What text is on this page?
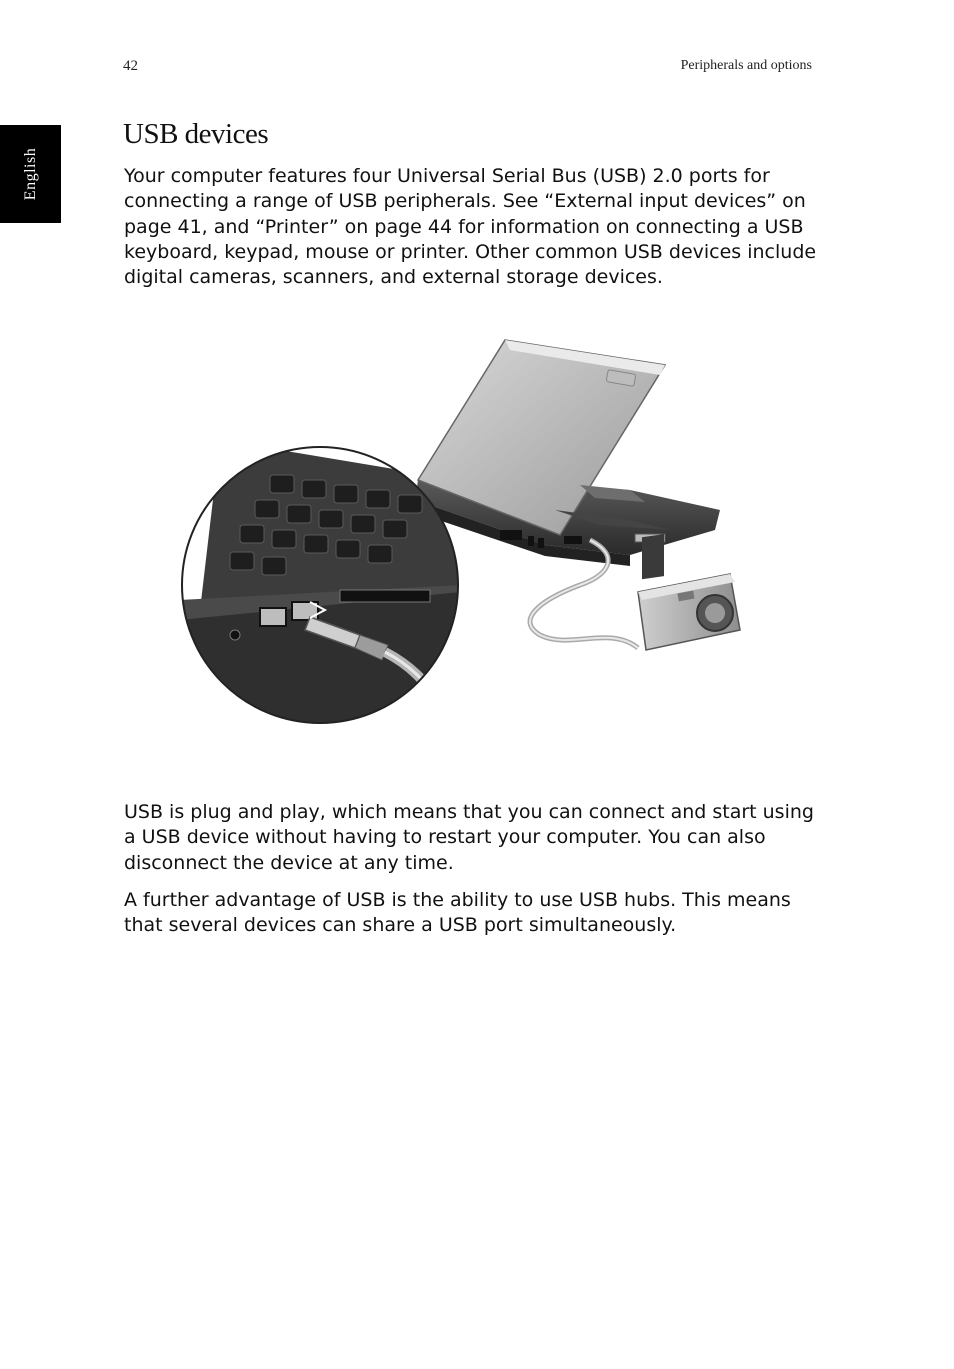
42	Peripherals and options
English
USB devices

Your computer features four Universal Serial Bus (USB) 2.0 ports for connecting a range of USB peripherals. See “External input devices” on page 41, and “Printer” on page 44 for information on connecting a USB keyboard, keypad, mouse or printer. Other common USB devices include digital cameras, scanners, and external storage devices.

USB is plug and play, which means that you can connect and start using a USB device without having to restart your computer. You can also disconnect the device at any time.

A further advantage of USB is the ability to use USB hubs. This means that several devices can share a USB port simultaneously.
